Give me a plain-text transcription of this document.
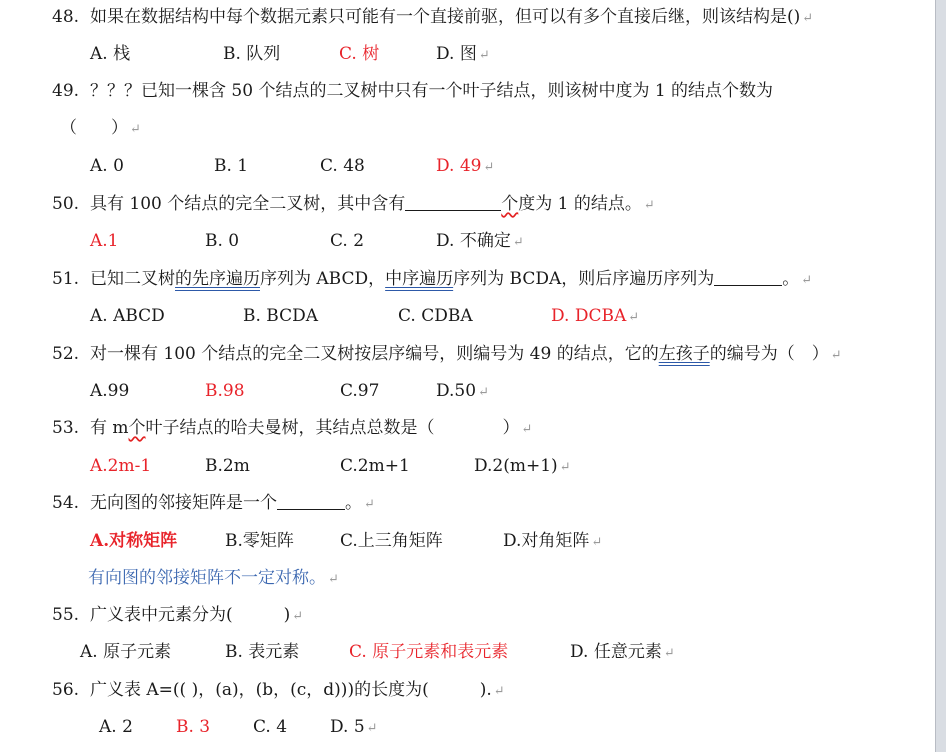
48. 如果在数据结构中每个数据元素只可能有一个直接前驱，但可以有多个直接后继，则该结构是() ↵
A. 栈	B. 队列	C. 树	D. 图 ↵
49. ？？？已知一棵含 50 个结点的二叉树中只有一个叶子结点，则该树中度为 1 的结点个数为
（　　） ↵
A. 0	B. 1	C. 48	D. 49 ↵
50. 具有 100 个结点的完全二叉树，其中含有	个度为 1 的结点。 ↵
A.1	B. 0	C. 2	D. 不确定 ↵
51. 已知二叉树的先序遍历序列为 ABCD，中序遍历序列为 BCDA，则后序遍历序列为	。 ↵
A. ABCD	B. BCDA	C. CDBA	D. DCBA ↵
52. 对一棵有 100 个结点的完全二叉树按层序编号，则编号为 49 的结点，它的左孩子的编号为（　） ↵
A.99	B.98	C.97	D.50 ↵
53. 有 m个叶子结点的哈夫曼树，其结点总数是（　　　　） ↵
A.2m-1	B.2m	C.2m+1	D.2(m+1) ↵
54. 无向图的邻接矩阵是一个	。 ↵
A.对称矩阵	B.零矩阵	C.上三角矩阵	D.对角矩阵 ↵
有向图的邻接矩阵不一定对称。 ↵
55. 广义表中元素分为(　　　) ↵
A. 原子元素	B. 表元素	C. 原子元素和表元素	D. 任意元素 ↵
56. 广义表 A=(( )，(a)，(b，(c，d)))的长度为(　　　). ↵
A. 2	B. 3	C. 4	D. 5 ↵
